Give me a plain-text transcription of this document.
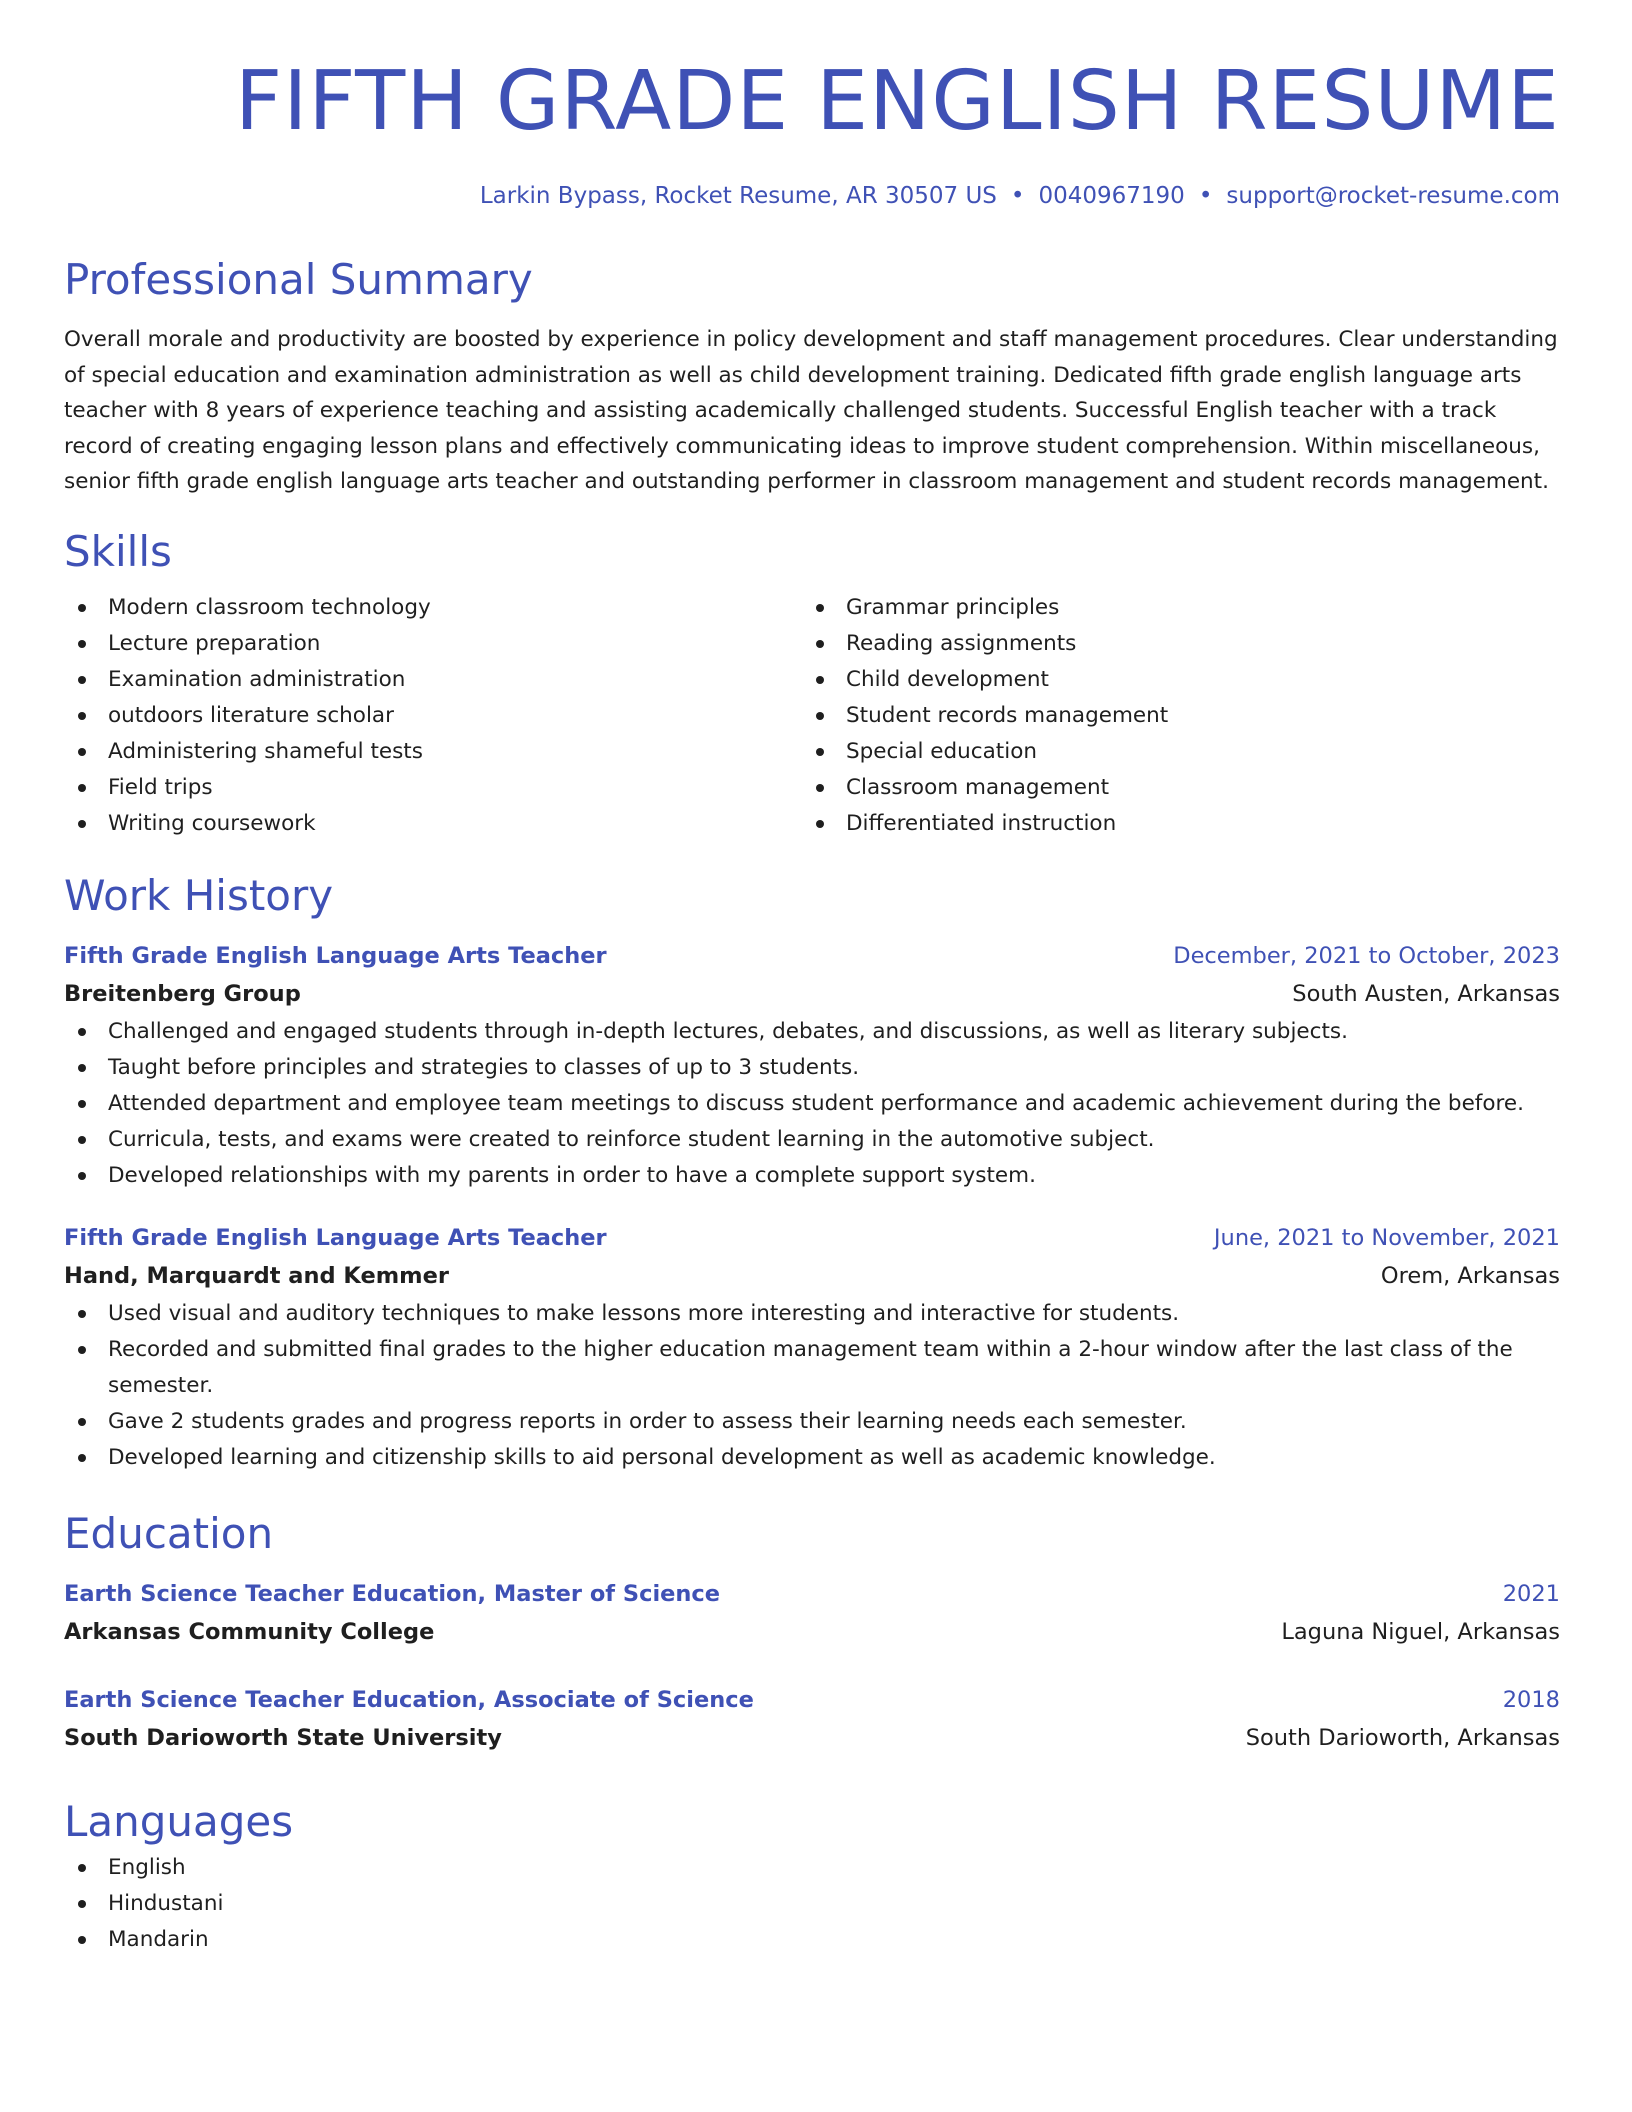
FIFTH GRADE ENGLISH RESUME
Larkin Bypass, Rocket Resume, AR 30507 US • 0040967190 • support@rocket-resume.com
Professional Summary
Overall morale and productivity are boosted by experience in policy development and staff management procedures. Clear understanding of special education and examination administration as well as child development training. Dedicated fifth grade english language arts teacher with 8 years of experience teaching and assisting academically challenged students. Successful English teacher with a track record of creating engaging lesson plans and effectively communicating ideas to improve student comprehension. Within miscellaneous, senior fifth grade english language arts teacher and outstanding performer in classroom management and student records management.
Skills
Modern classroom technology
Lecture preparation
Examination administration
outdoors literature scholar
Administering shameful tests
Field trips
Writing coursework
Grammar principles
Reading assignments
Child development
Student records management
Special education
Classroom management
Differentiated instruction
Work History
Fifth Grade English Language Arts Teacher	December, 2021 to October, 2023
Breitenberg Group	South Austen, Arkansas
Challenged and engaged students through in-depth lectures, debates, and discussions, as well as literary subjects.
Taught before principles and strategies to classes of up to 3 students.
Attended department and employee team meetings to discuss student performance and academic achievement during the before.
Curricula, tests, and exams were created to reinforce student learning in the automotive subject.
Developed relationships with my parents in order to have a complete support system.
Fifth Grade English Language Arts Teacher	June, 2021 to November, 2021
Hand, Marquardt and Kemmer	Orem, Arkansas
Used visual and auditory techniques to make lessons more interesting and interactive for students.
Recorded and submitted final grades to the higher education management team within a 2-hour window after the last class of the semester.
Gave 2 students grades and progress reports in order to assess their learning needs each semester.
Developed learning and citizenship skills to aid personal development as well as academic knowledge.
Education
Earth Science Teacher Education, Master of Science	2021
Arkansas Community College	Laguna Niguel, Arkansas
Earth Science Teacher Education, Associate of Science	2018
South Darioworth State University	South Darioworth, Arkansas
Languages
English
Hindustani
Mandarin
